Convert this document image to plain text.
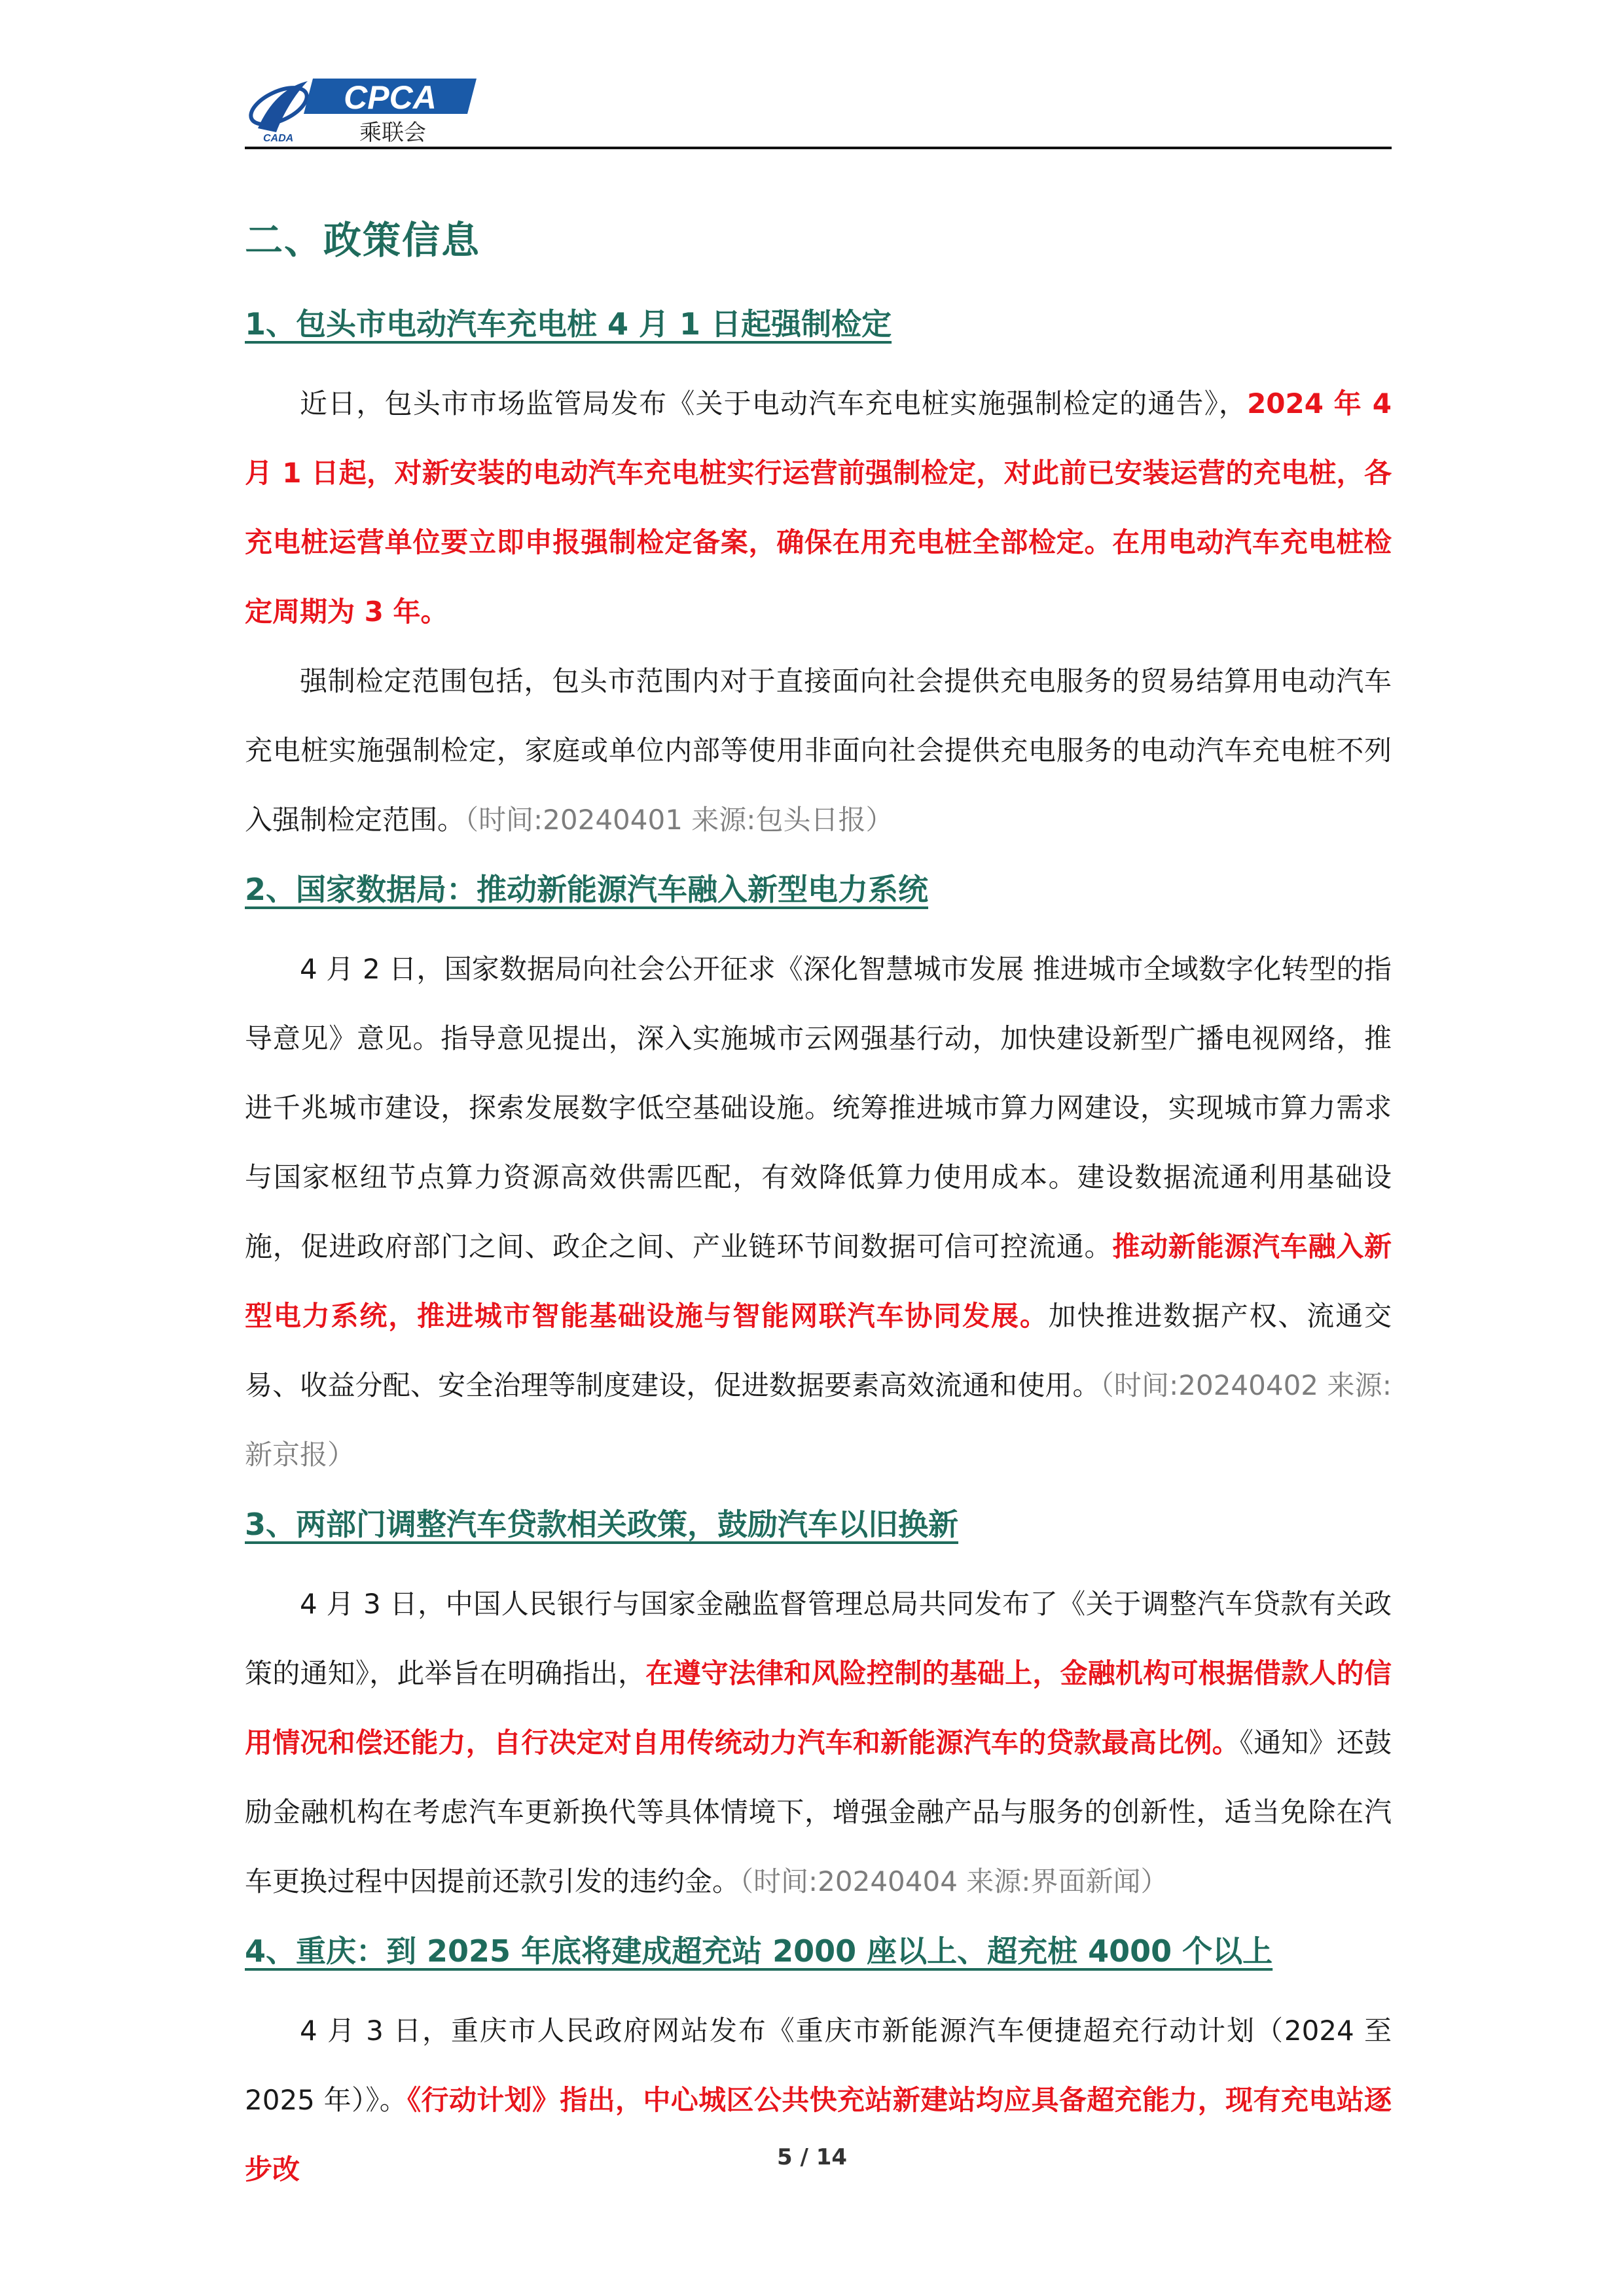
CPCA
CADA	乘联会
二、政策信息
1、包头市电动汽车充电桩 4 月 1 日起强制检定

近日，包头市市场监管局发布《关于电动汽车充电桩实施强制检定的通告》，2024 年 4 月 1 日起，对新安装的电动汽车充电桩实行运营前强制检定，对此前已安装运营的充电桩，各充电桩运营单位要立即申报强制检定备案，确保在用充电桩全部检定。在用电动汽车充电桩检定周期为 3 年。

强制检定范围包括，包头市范围内对于直接面向社会提供充电服务的贸易结算用电动汽车充电桩实施强制检定，家庭或单位内部等使用非面向社会提供充电服务的电动汽车充电桩不列入强制检定范围。（时间:20240401 来源:包头日报）

2、国家数据局：推动新能源汽车融入新型电力系统

4 月 2 日，国家数据局向社会公开征求《深化智慧城市发展 推进城市全域数字化转型的指导意见》意见。指导意见提出，深入实施城市云网强基行动，加快建设新型广播电视网络，推进千兆城市建设，探索发展数字低空基础设施。统筹推进城市算力网建设，实现城市算力需求与国家枢纽节点算力资源高效供需匹配，有效降低算力使用成本。建设数据流通利用基础设施，促进政府部门之间、政企之间、产业链环节间数据可信可控流通。推动新能源汽车融入新型电力系统，推进城市智能基础设施与智能网联汽车协同发展。加快推进数据产权、流通交易、收益分配、安全治理等制度建设，促进数据要素高效流通和使用。（时间:20240402 来源:新京报）

3、两部门调整汽车贷款相关政策，鼓励汽车以旧换新

4 月 3 日，中国人民银行与国家金融监督管理总局共同发布了《关于调整汽车贷款有关政策的通知》，此举旨在明确指出，在遵守法律和风险控制的基础上，金融机构可根据借款人的信用情况和偿还能力，自行决定对自用传统动力汽车和新能源汽车的贷款最高比例。《通知》还鼓励金融机构在考虑汽车更新换代等具体情境下，增强金融产品与服务的创新性，适当免除在汽车更换过程中因提前还款引发的违约金。（时间:20240404 来源:界面新闻）

4、重庆：到 2025 年底将建成超充站 2000 座以上、超充桩 4000 个以上

4 月 3 日，重庆市人民政府网站发布《重庆市新能源汽车便捷超充行动计划（2024 至 2025 年）》。《行动计划》指出，中心城区公共快充站新建站均应具备超充能力，现有充电站逐步改	5 / 14
